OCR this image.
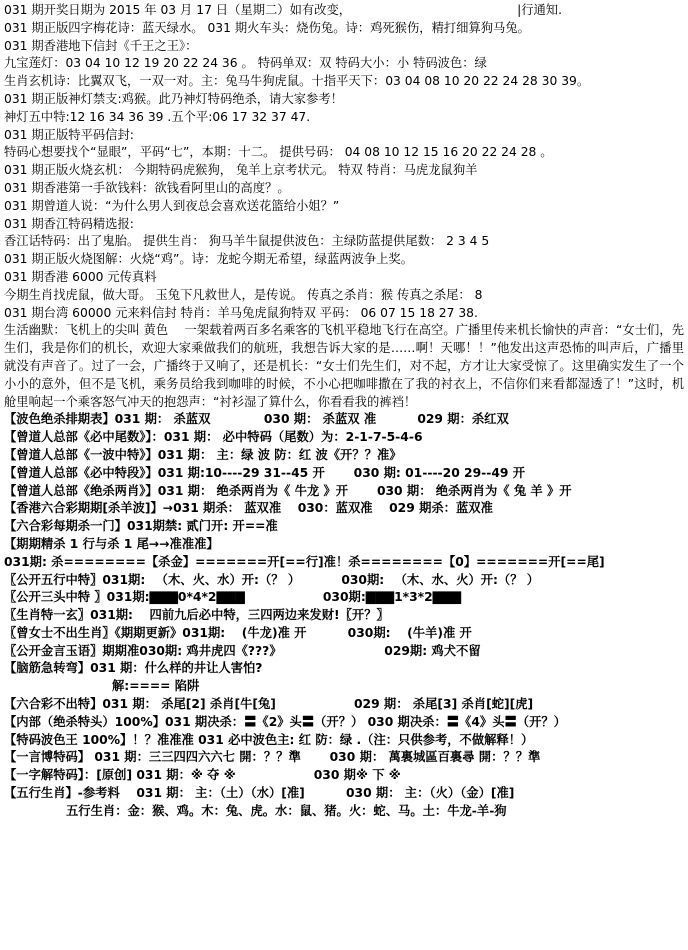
031 期开奖日期为 2015 年 03 月 17 日（星期二）如有改变，　　　　　　　　　　　　　　|行通知.
031 期正版四字梅花诗：蓝天绿水。 031 期火车头：烧伤兔。诗：鸡死猴伤，精打细算狗马兔。
031 期香港地下信封《千王之王》：
九宝莲灯：03 04 10 12 19 20 22 24 36 。 特码单双：双 特码大小：小 特码波色：绿
生肖玄机诗：比翼双飞，一双一对。主：兔马牛狗虎鼠。十指平天下：03 04 08 10 20 22 24 28 30 39。
031 期正版神灯禁支:鸡猴。此乃神灯特码绝杀，请大家参考！
神灯五中特:12 16 34 36 39 .五个平:06 17 32 37 47.
031 期正版特平码信封:
特码心想要找个“显眼”，平码“七”，本期：十二。 提供号码： 04 08 10 12 15 16 20 22 24 28 。
031 期正版火烧玄机： 今期特码虎猴狗， 兔羊上京考状元。 特双 特肖：马虎龙鼠狗羊
031 期香港第一手欲钱料：欲钱看阿里山的高度？。
031 期曾道人说：“为什么男人到夜总会喜欢送花篮给小姐？”
031 期香江特码精选报:
香江话特码：出了鬼胎。 提供生肖： 狗马羊牛鼠提供波色：主绿防蓝提供尾数： 2 3 4 5
031 期正版火烧图解：火烧“鸡”。诗：龙蛇今期无希望，绿蓝两波争上奖。
031 期香港 6000 元传真料
今期生肖找虎鼠，做大哥。 玉兔下凡救世人，是传说。 传真之杀肖：猴 传真之杀尾： 8
031 期台湾 60000 元来料信封 特肖：羊马兔虎鼠狗特双 平码： 06 07 15 18 27 38.
生活幽默：飞机上的尖叫 黄色 　一架载着两百多名乘客的飞机平稳地飞行在高空。广播里传来机长愉快的声音：“女士们，先生们，我是你们的机长，欢迎大家乘做我们的航班，我想告诉大家的是……啊！天哪！！”他发出这声恐怖的叫声后，广播里就没有声音了。过了一会，广播终于又响了，还是机长：“女士们先生们，对不起，方才让大家受惊了。这里确实发生了一个小小的意外，但不是飞机，乘务员给我到咖啡的时候，不小心把咖啡撒在了我的衬衣上，不信你们来看都湿透了！”这时，机舱里响起一个乘客怒气冲天的抱怨声：“衬衫湿了算什么，你看看我的裤裆！
【波色绝杀排期表】031 期： 杀蓝双 　　　　030 期： 杀蓝双 准 　　　029 期：杀红双
【曾道人总部《必中尾数》】：031 期： 必中特码（尾数）为：2-1-7-5-4-6
【曾道人总部《一波中特》】031 期： 主：绿 波 防：红 波《开？？准》
【曾道人总部《必中特段》】031 期:10----29 31--45 开 　　030 期: 01----20 29--49 开
【曾道人总部《绝杀两肖》】031 期： 绝杀两肖为《 牛龙 》开 　　030 期： 绝杀两肖为《 兔 羊 》开
【香港六合彩期期[杀羊波]】→031 期杀： 蓝双准 　030：蓝双准 　029 期杀：蓝双准
【六合彩每期杀一门】031期禁: 贰门开: 开==准
【期期精杀 1 行与杀 1 尾→→准准准】
031期: 杀========【杀金】=======开[==行]准！杀========【0】=======开[==尾]
〖公开五行中特〗031期: 　（木、火、水）开:（？ ） 　　　030期: 　（木、水、火）开:（？ ）
〖公开三头中特 〗031期:▇▇▇0*4*2▇▇▇ 　　　　　　030期:▇▇▇1*3*2▇▇▇
〖生肖特一玄〗031期: 　四前九后必中特，三四两边来发财!〖开？〗
〖曾女士不出生肖〗《期期更新》031期: 　(牛龙)准 开 　　　030期: 　(牛羊)准 开
〖公开金言玉语〗期期准030期: 鸡井虎四《???》 　　　　　　　　029期: 鸡犬不留
【脑筋急转弯】031 期：什么样的井让人害怕?
解:==== 陷阱
【六合彩不出特】031 期： 杀尾[2] 杀肖[牛[兔] 　　　　　　029 期： 杀尾[3] 杀肖[蛇][虎]
【内部（绝杀特头）100%】031 期决杀：〓《2》头〓（开？） 030 期决杀：〓《4》头〓（开？）
【特码波色王 100%】！？准准准 031 必中波色主: 红 防：绿 .（注：只供参考，不做解释！）
【一言博特码】 031 期：三三四四六六七 開：？？準 　　030 期： 萬裏城區百裏尋 開：？？準
【一字解特码】：[原创] 031 期：※ 夺 ※ 　　　　　　030 期※ 下 ※
【五行生肖】-参考料 　031 期： 主：（土）（水）[准] 　　　030 期： 主：（火）（金）[准]
五行生肖：金：猴、鸡。木：兔、虎。水：鼠、猪。火：蛇、马。土：牛龙-羊-狗
